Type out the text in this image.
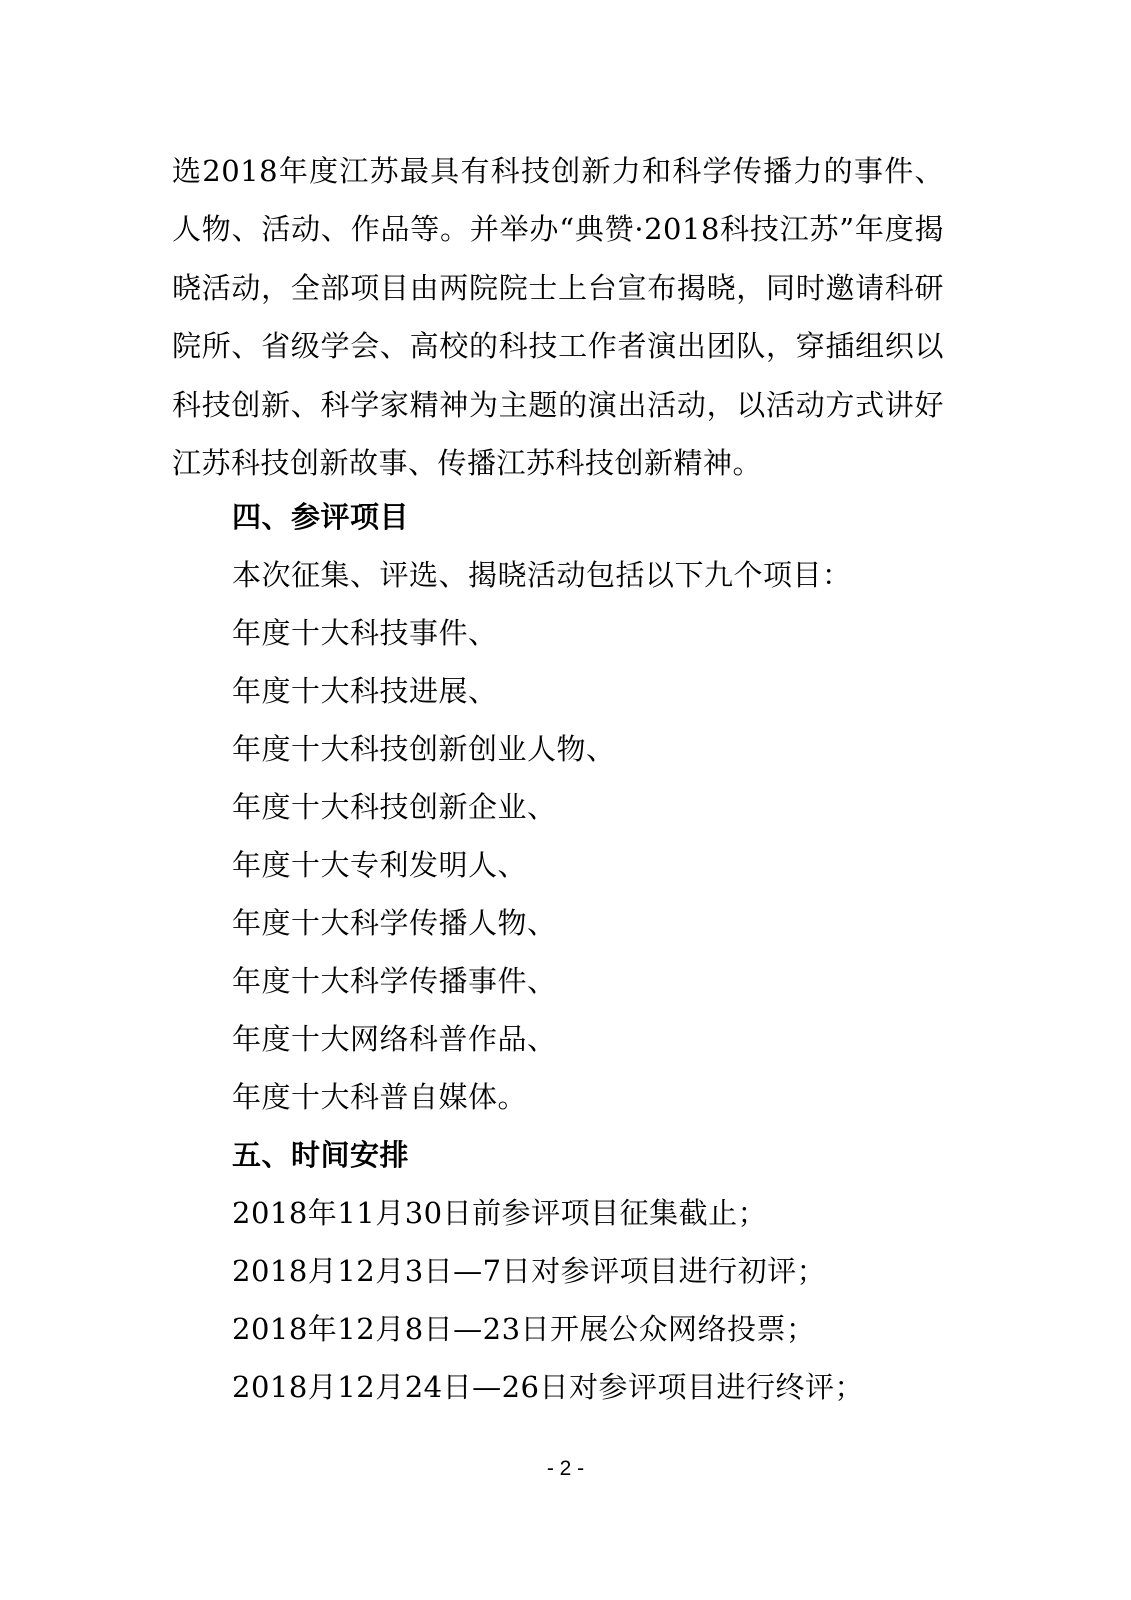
选2018年度江苏最具有科技创新力和科学传播力的事件、人物、活动、作品等。并举办“典赞·2018科技江苏”年度揭晓活动，全部项目由两院院士上台宣布揭晓，同时邀请科研院所、省级学会、高校的科技工作者演出团队，穿插组织以科技创新、科学家精神为主题的演出活动，以活动方式讲好江苏科技创新故事、传播江苏科技创新精神。

四、参评项目

本次征集、评选、揭晓活动包括以下九个项目：

年度十大科技事件、

年度十大科技进展、

年度十大科技创新创业人物、

年度十大科技创新企业、

年度十大专利发明人、

年度十大科学传播人物、

年度十大科学传播事件、

年度十大网络科普作品、

年度十大科普自媒体。

五、时间安排

2018年11月30日前参评项目征集截止；

2018月12月3日—7日对参评项目进行初评；

2018年12月8日—23日开展公众网络投票；

2018月12月24日—26日对参评项目进行终评；

- 2 -
